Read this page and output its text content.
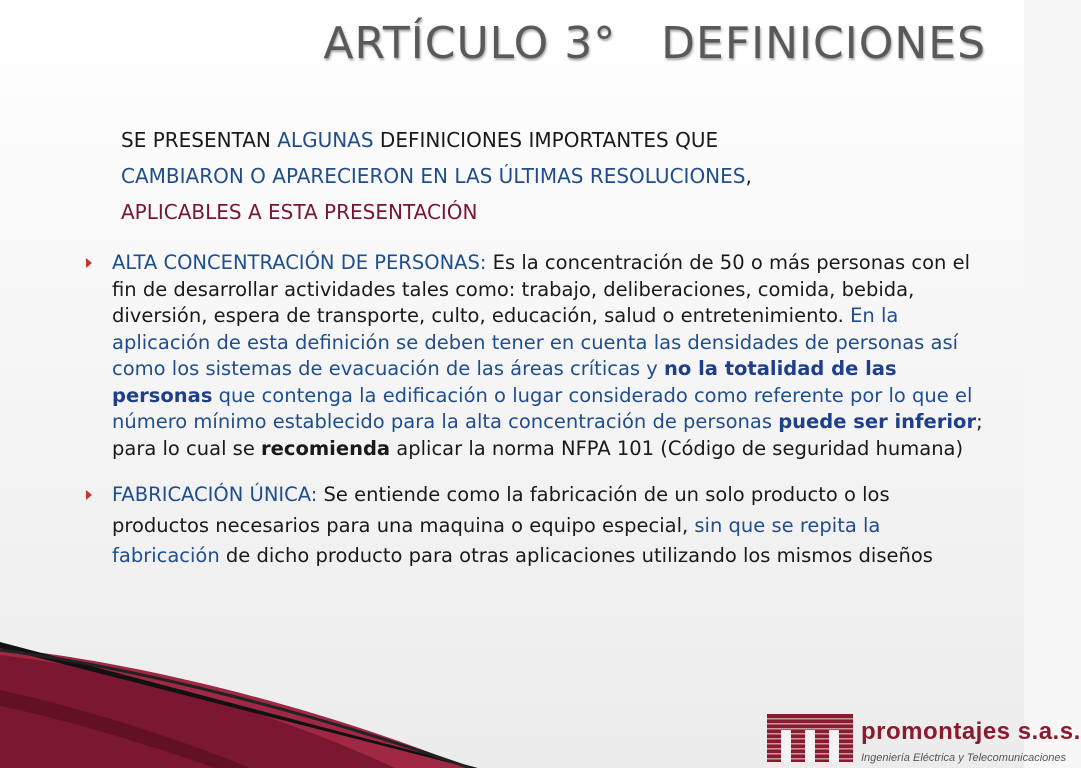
ARTÍCULO 3°   DEFINICIONES
SE PRESENTAN ALGUNAS DEFINICIONES IMPORTANTES QUE
CAMBIARON O APARECIERON EN LAS ÚLTIMAS RESOLUCIONES,
APLICABLES A ESTA PRESENTACIÓN
ALTA CONCENTRACIÓN DE PERSONAS: Es la concentración de 50 o más personas con el fin de desarrollar actividades tales como: trabajo, deliberaciones, comida, bebida, diversión, espera de transporte, culto, educación, salud o entretenimiento. En la aplicación de esta definición se deben tener en cuenta las densidades de personas así como los sistemas de evacuación de las áreas críticas y no la totalidad de las personas que contenga la edificación o lugar considerado como referente por lo que el número mínimo establecido para la alta concentración de personas puede ser inferior; para lo cual se recomienda aplicar la norma NFPA 101 (Código de seguridad humana)
FABRICACIÓN ÚNICA: Se entiende como la fabricación de un solo producto o los productos necesarios para una maquina o equipo especial, sin que se repita la fabricación de dicho producto para otras aplicaciones utilizando los mismos diseños
promontajes s.a.s.
Ingeniería Eléctrica y Telecomunicaciones
